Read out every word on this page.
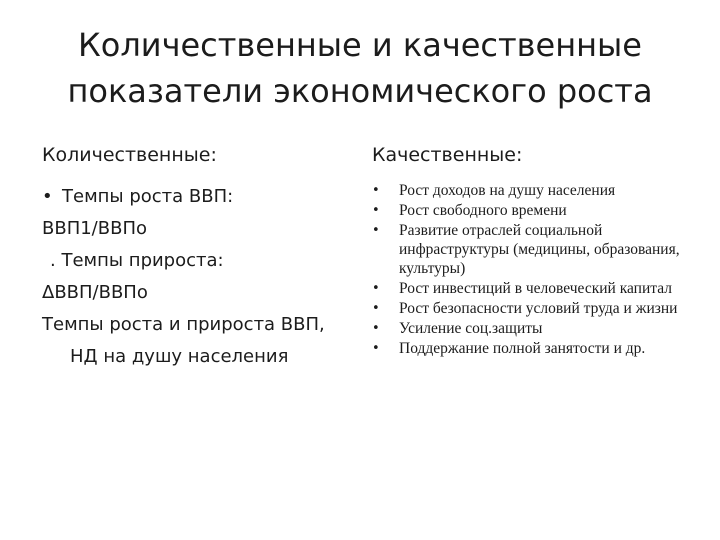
Количественные и качественные
показатели экономического роста
Количественные:
• Темпы роста ВВП:
ВВП1/ВВПо
. Темпы прироста:
ΔВВП/ВВПо
Темпы роста и прироста ВВП,
НД на душу населения
Качественные:
• Рост доходов на душу населения
• Рост свободного времени
• Развитие отраслей социальной инфраструктуры (медицины, образования, культуры)
• Рост инвестиций в человеческий капитал
• Рост безопасности условий труда и жизни
• Усиление соц.защиты
• Поддержание полной занятости и др.
